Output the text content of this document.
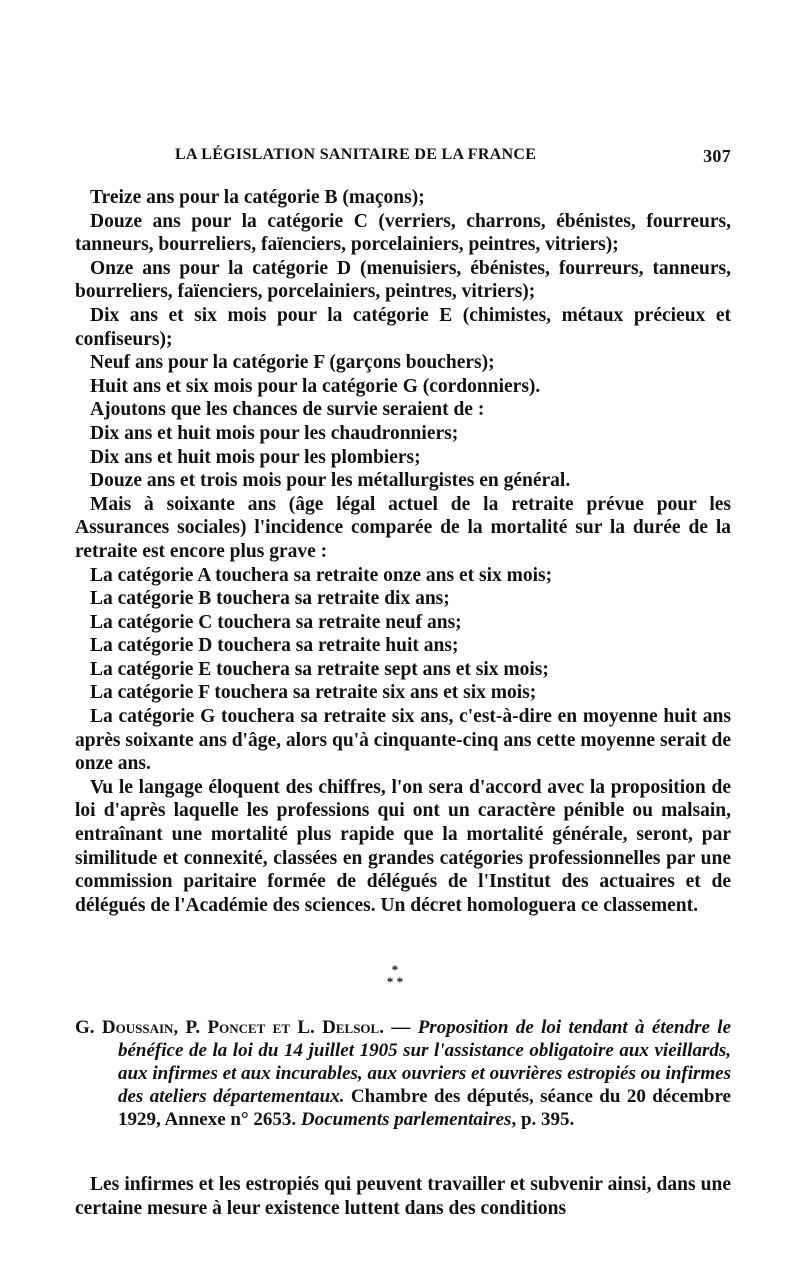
LA LÉGISLATION SANITAIRE DE LA FRANCE	307

Treize ans pour la catégorie B (maçons);

Douze ans pour la catégorie C (verriers, charrons, ébénistes, fourreurs, tanneurs, bourreliers, faïenciers, porcelainiers, peintres, vitriers);

Onze ans pour la catégorie D (menuisiers, ébénistes, fourreurs, tanneurs, bourreliers, faïenciers, porcelainiers, peintres, vitriers);

Dix ans et six mois pour la catégorie E (chimistes, métaux précieux et confiseurs);

Neuf ans pour la catégorie F (garçons bouchers);

Huit ans et six mois pour la catégorie G (cordonniers).

Ajoutons que les chances de survie seraient de :

Dix ans et huit mois pour les chaudronniers;

Dix ans et huit mois pour les plombiers;

Douze ans et trois mois pour les métallurgistes en général.

Mais à soixante ans (âge légal actuel de la retraite prévue pour les Assurances sociales) l'incidence comparée de la mortalité sur la durée de la retraite est encore plus grave :

La catégorie A touchera sa retraite onze ans et six mois;

La catégorie B touchera sa retraite dix ans;

La catégorie C touchera sa retraite neuf ans;

La catégorie D touchera sa retraite huit ans;

La catégorie E touchera sa retraite sept ans et six mois;

La catégorie F touchera sa retraite six ans et six mois;

La catégorie G touchera sa retraite six ans, c'est-à-dire en moyenne huit ans après soixante ans d'âge, alors qu'à cinquante-cinq ans cette moyenne serait de onze ans.

Vu le langage éloquent des chiffres, l'on sera d'accord avec la proposition de loi d'après laquelle les professions qui ont un caractère pénible ou malsain, entraînant une mortalité plus rapide que la mortalité générale, seront, par similitude et connexité, classées en grandes catégories professionnelles par une commission paritaire formée de délégués de l'Institut des actuaires et de délégués de l'Académie des sciences. Un décret homologuera ce classement.

*
* *

G. Doussain, P. Poncet et L. Delsol. — Proposition de loi tendant à étendre le bénéfice de la loi du 14 juillet 1905 sur l'assistance obligatoire aux vieillards, aux infirmes et aux incurables, aux ouvriers et ouvrières estropiés ou infirmes des ateliers départementaux. Chambre des députés, séance du 20 décembre 1929, Annexe n° 2653. Documents parlementaires, p. 395.

Les infirmes et les estropiés qui peuvent travailler et subvenir ainsi, dans une certaine mesure à leur existence luttent dans des conditions
